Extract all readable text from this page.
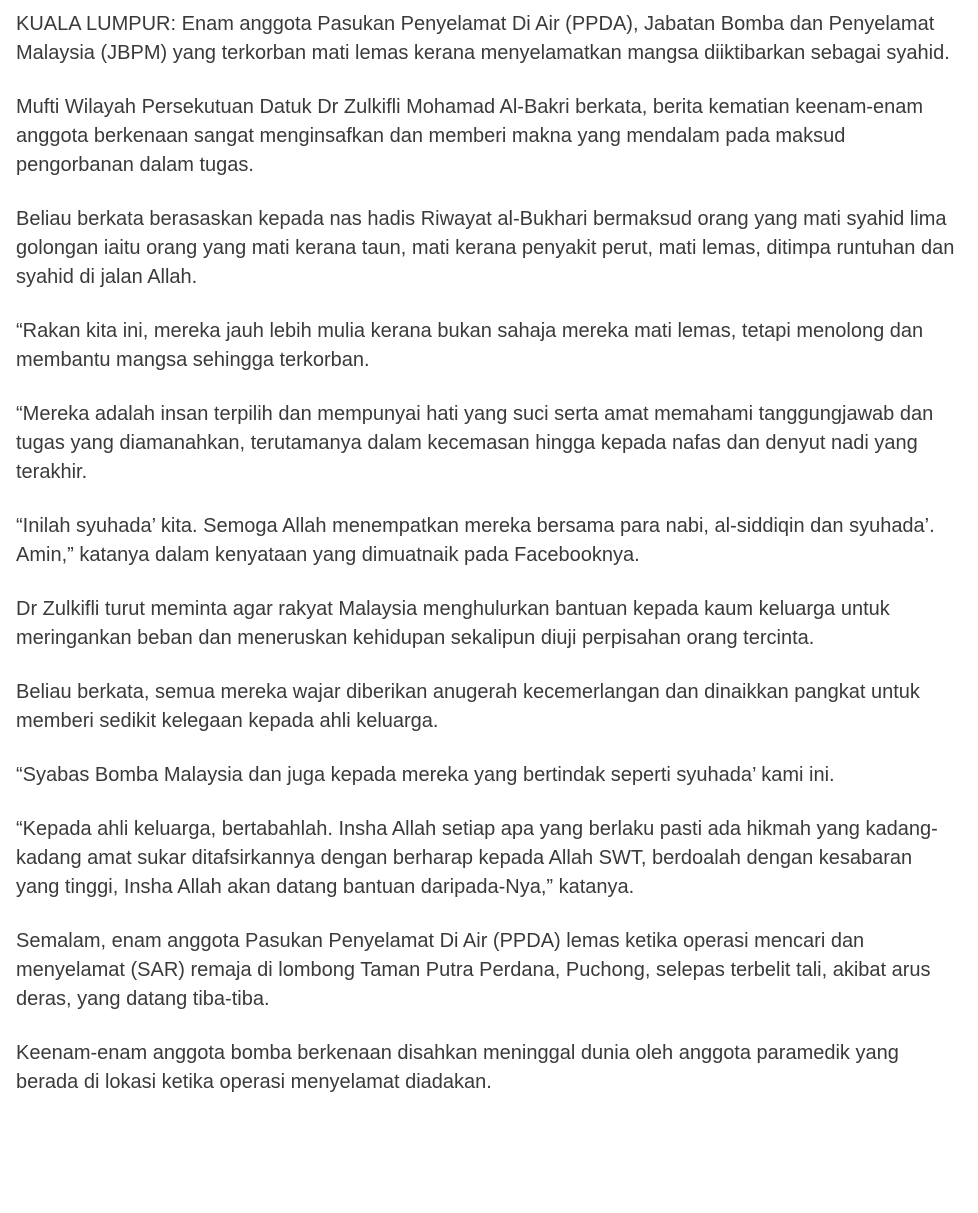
KUALA LUMPUR: Enam anggota Pasukan Penyelamat Di Air (PPDA), Jabatan Bomba dan Penyelamat Malaysia (JBPM) yang terkorban mati lemas kerana menyelamatkan mangsa diiktibarkan sebagai syahid.

Mufti Wilayah Persekutuan Datuk Dr Zulkifli Mohamad Al-Bakri berkata, berita kematian keenam-enam anggota berkenaan sangat menginsafkan dan memberi makna yang mendalam pada maksud pengorbanan dalam tugas.

Beliau berkata berasaskan kepada nas hadis Riwayat al-Bukhari bermaksud orang yang mati syahid lima golongan iaitu orang yang mati kerana taun, mati kerana penyakit perut, mati lemas, ditimpa runtuhan dan syahid di jalan Allah.

“Rakan kita ini, mereka jauh lebih mulia kerana bukan sahaja mereka mati lemas, tetapi menolong dan membantu mangsa sehingga terkorban.

“Mereka adalah insan terpilih dan mempunyai hati yang suci serta amat memahami tanggungjawab dan tugas yang diamanahkan, terutamanya dalam kecemasan hingga kepada nafas dan denyut nadi yang terakhir.

“Inilah syuhada’ kita. Semoga Allah menempatkan mereka bersama para nabi, al-siddiqin dan syuhada’. Amin,” katanya dalam kenyataan yang dimuatnaik pada Facebooknya.

Dr Zulkifli turut meminta agar rakyat Malaysia menghulurkan bantuan kepada kaum keluarga untuk meringankan beban dan meneruskan kehidupan sekalipun diuji perpisahan orang tercinta.

Beliau berkata, semua mereka wajar diberikan anugerah kecemerlangan dan dinaikkan pangkat untuk memberi sedikit kelegaan kepada ahli keluarga.

“Syabas Bomba Malaysia dan juga kepada mereka yang bertindak seperti syuhada’ kami ini.

“Kepada ahli keluarga, bertabahlah. Insha Allah setiap apa yang berlaku pasti ada hikmah yang kadang-kadang amat sukar ditafsirkannya dengan berharap kepada Allah SWT, berdoalah dengan kesabaran yang tinggi, Insha Allah akan datang bantuan daripada-Nya,” katanya.

Semalam, enam anggota Pasukan Penyelamat Di Air (PPDA) lemas ketika operasi mencari dan menyelamat (SAR) remaja di lombong Taman Putra Perdana, Puchong, selepas terbelit tali, akibat arus deras, yang datang tiba-tiba.

Keenam-enam anggota bomba berkenaan disahkan meninggal dunia oleh anggota paramedik yang berada di lokasi ketika operasi menyelamat diadakan.
